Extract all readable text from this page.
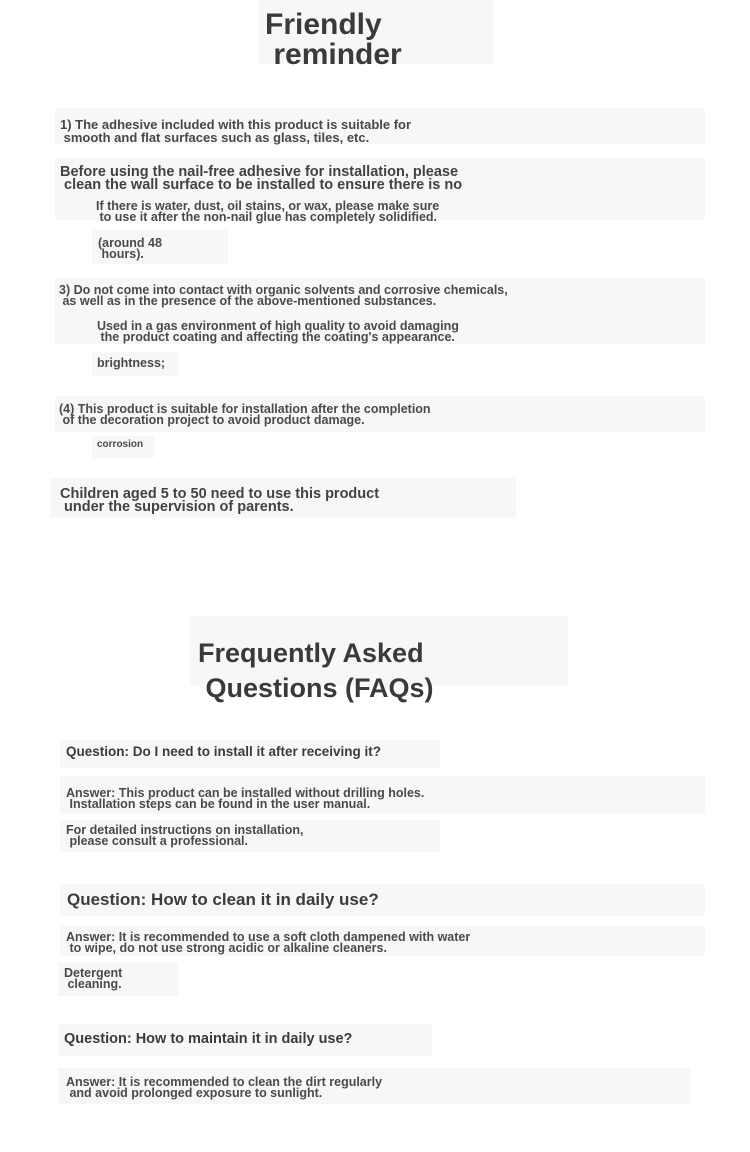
Friendly
reminder

1) The adhesive included with this product is suitable for
smooth and flat surfaces such as glass, tiles, etc.

Before using the nail-free adhesive for installation, please
clean the wall surface to be installed to ensure there is no

If there is water, dust, oil stains, or wax, please make sure
to use it after the non-nail glue has completely solidified.

(around 48
hours).

3) Do not come into contact with organic solvents and corrosive chemicals,
as well as in the presence of the above-mentioned substances.

Used in a gas environment of high quality to avoid damaging
the product coating and affecting the coating's appearance.

brightness;

(4) This product is suitable for installation after the completion
of the decoration project to avoid product damage.

corrosion

Children aged 5 to 50 need to use this product
under the supervision of parents.

Frequently Asked
Questions (FAQs)

Question: Do I need to install it after receiving it?

Answer: This product can be installed without drilling holes.
Installation steps can be found in the user manual.

For detailed instructions on installation,
please consult a professional.

Question: How to clean it in daily use?

Answer: It is recommended to use a soft cloth dampened with water
to wipe, do not use strong acidic or alkaline cleaners.

Detergent
cleaning.

Question: How to maintain it in daily use?

Answer: It is recommended to clean the dirt regularly
and avoid prolonged exposure to sunlight.
